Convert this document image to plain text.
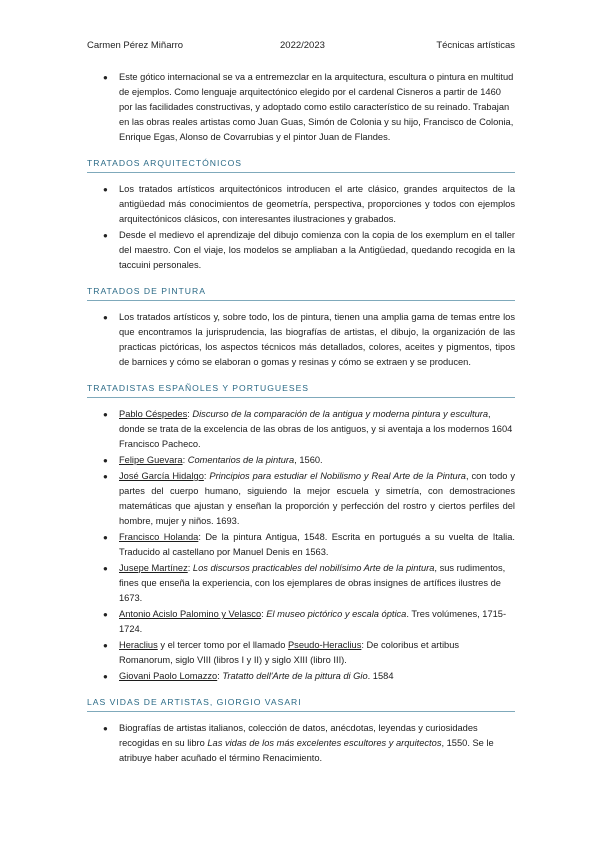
Carmen Pérez Miñarro	2022/2023	Técnicas artísticas
● Este gótico internacional se va a entremezclar en la arquitectura, escultura o pintura en multitud de ejemplos. Como lenguaje arquitectónico elegido por el cardenal Cisneros a partir de 1460 por las facilidades constructivas, y adoptado como estilo característico de su reinado. Trabajan en las obras reales artistas como Juan Guas, Simón de Colonia y su hijo, Francisco de Colonia, Enrique Egas, Alonso de Covarrubias y el pintor Juan de Flandes.
TRATADOS ARQUITECTÓNICOS
● Los tratados artísticos arquitectónicos introducen el arte clásico, grandes arquitectos de la antigüedad más conocimientos de geometría, perspectiva, proporciones y todos con ejemplos arquitectónicos clásicos, con interesantes ilustraciones y grabados.
● Desde el medievo el aprendizaje del dibujo comienza con la copia de los exemplum en el taller del maestro. Con el viaje, los modelos se ampliaban a la Antigüedad, quedando recogida en la taccuini personales.
TRATADOS DE PINTURA
● Los tratados artísticos y, sobre todo, los de pintura, tienen una amplia gama de temas entre los que encontramos la jurisprudencia, las biografías de artistas, el dibujo, la organización de las practicas pictóricas, los aspectos técnicos más detallados, colores, aceites y pigmentos, tipos de barnices y cómo se elaboran o gomas y resinas y cómo se extraen y se producen.
TRATADISTAS ESPAÑOLES Y PORTUGUESES
● Pablo Céspedes: Discurso de la comparación de la antigua y moderna pintura y escultura, donde se trata de la excelencia de las obras de los antiguos, y si aventaja a los modernos 1604 Francisco Pacheco.
● Felipe Guevara: Comentarios de la pintura, 1560.
● José García Hidalgo: Principios para estudiar el Nobilismo y Real Arte de la Pintura, con todo y partes del cuerpo humano, siguiendo la mejor escuela y simetría, con demostraciones matemáticas que ajustan y enseñan la proporción y perfección del rostro y ciertos perfiles del hombre, mujer y niños. 1693.
● Francisco Holanda: De la pintura Antigua, 1548. Escrita en portugués a su vuelta de Italia. Traducido al castellano por Manuel Denis en 1563.
● Jusepe Martínez: Los discursos practicables del nobilísimo Arte de la pintura, sus rudimentos, fines que enseña la experiencia, con los ejemplares de obras insignes de artífices ilustres de 1673.
● Antonio Acislo Palomino y Velasco: El museo pictórico y escala óptica. Tres volúmenes, 1715-1724.
● Heraclius y el tercer tomo por el llamado Pseudo-Heraclius: De coloribus et artibus Romanorum, siglo VIII (libros I y II) y siglo XIII (libro III).
● Giovani Paolo Lomazzo: Tratatto dell'Arte de la pittura di Gio. 1584
LAS VIDAS DE ARTISTAS, GIORGIO VASARI
● Biografías de artistas italianos, colección de datos, anécdotas, leyendas y curiosidades recogidas en su libro Las vidas de los más excelentes escultores y arquitectos, 1550. Se le atribuye haber acuñado el término Renacimiento.
